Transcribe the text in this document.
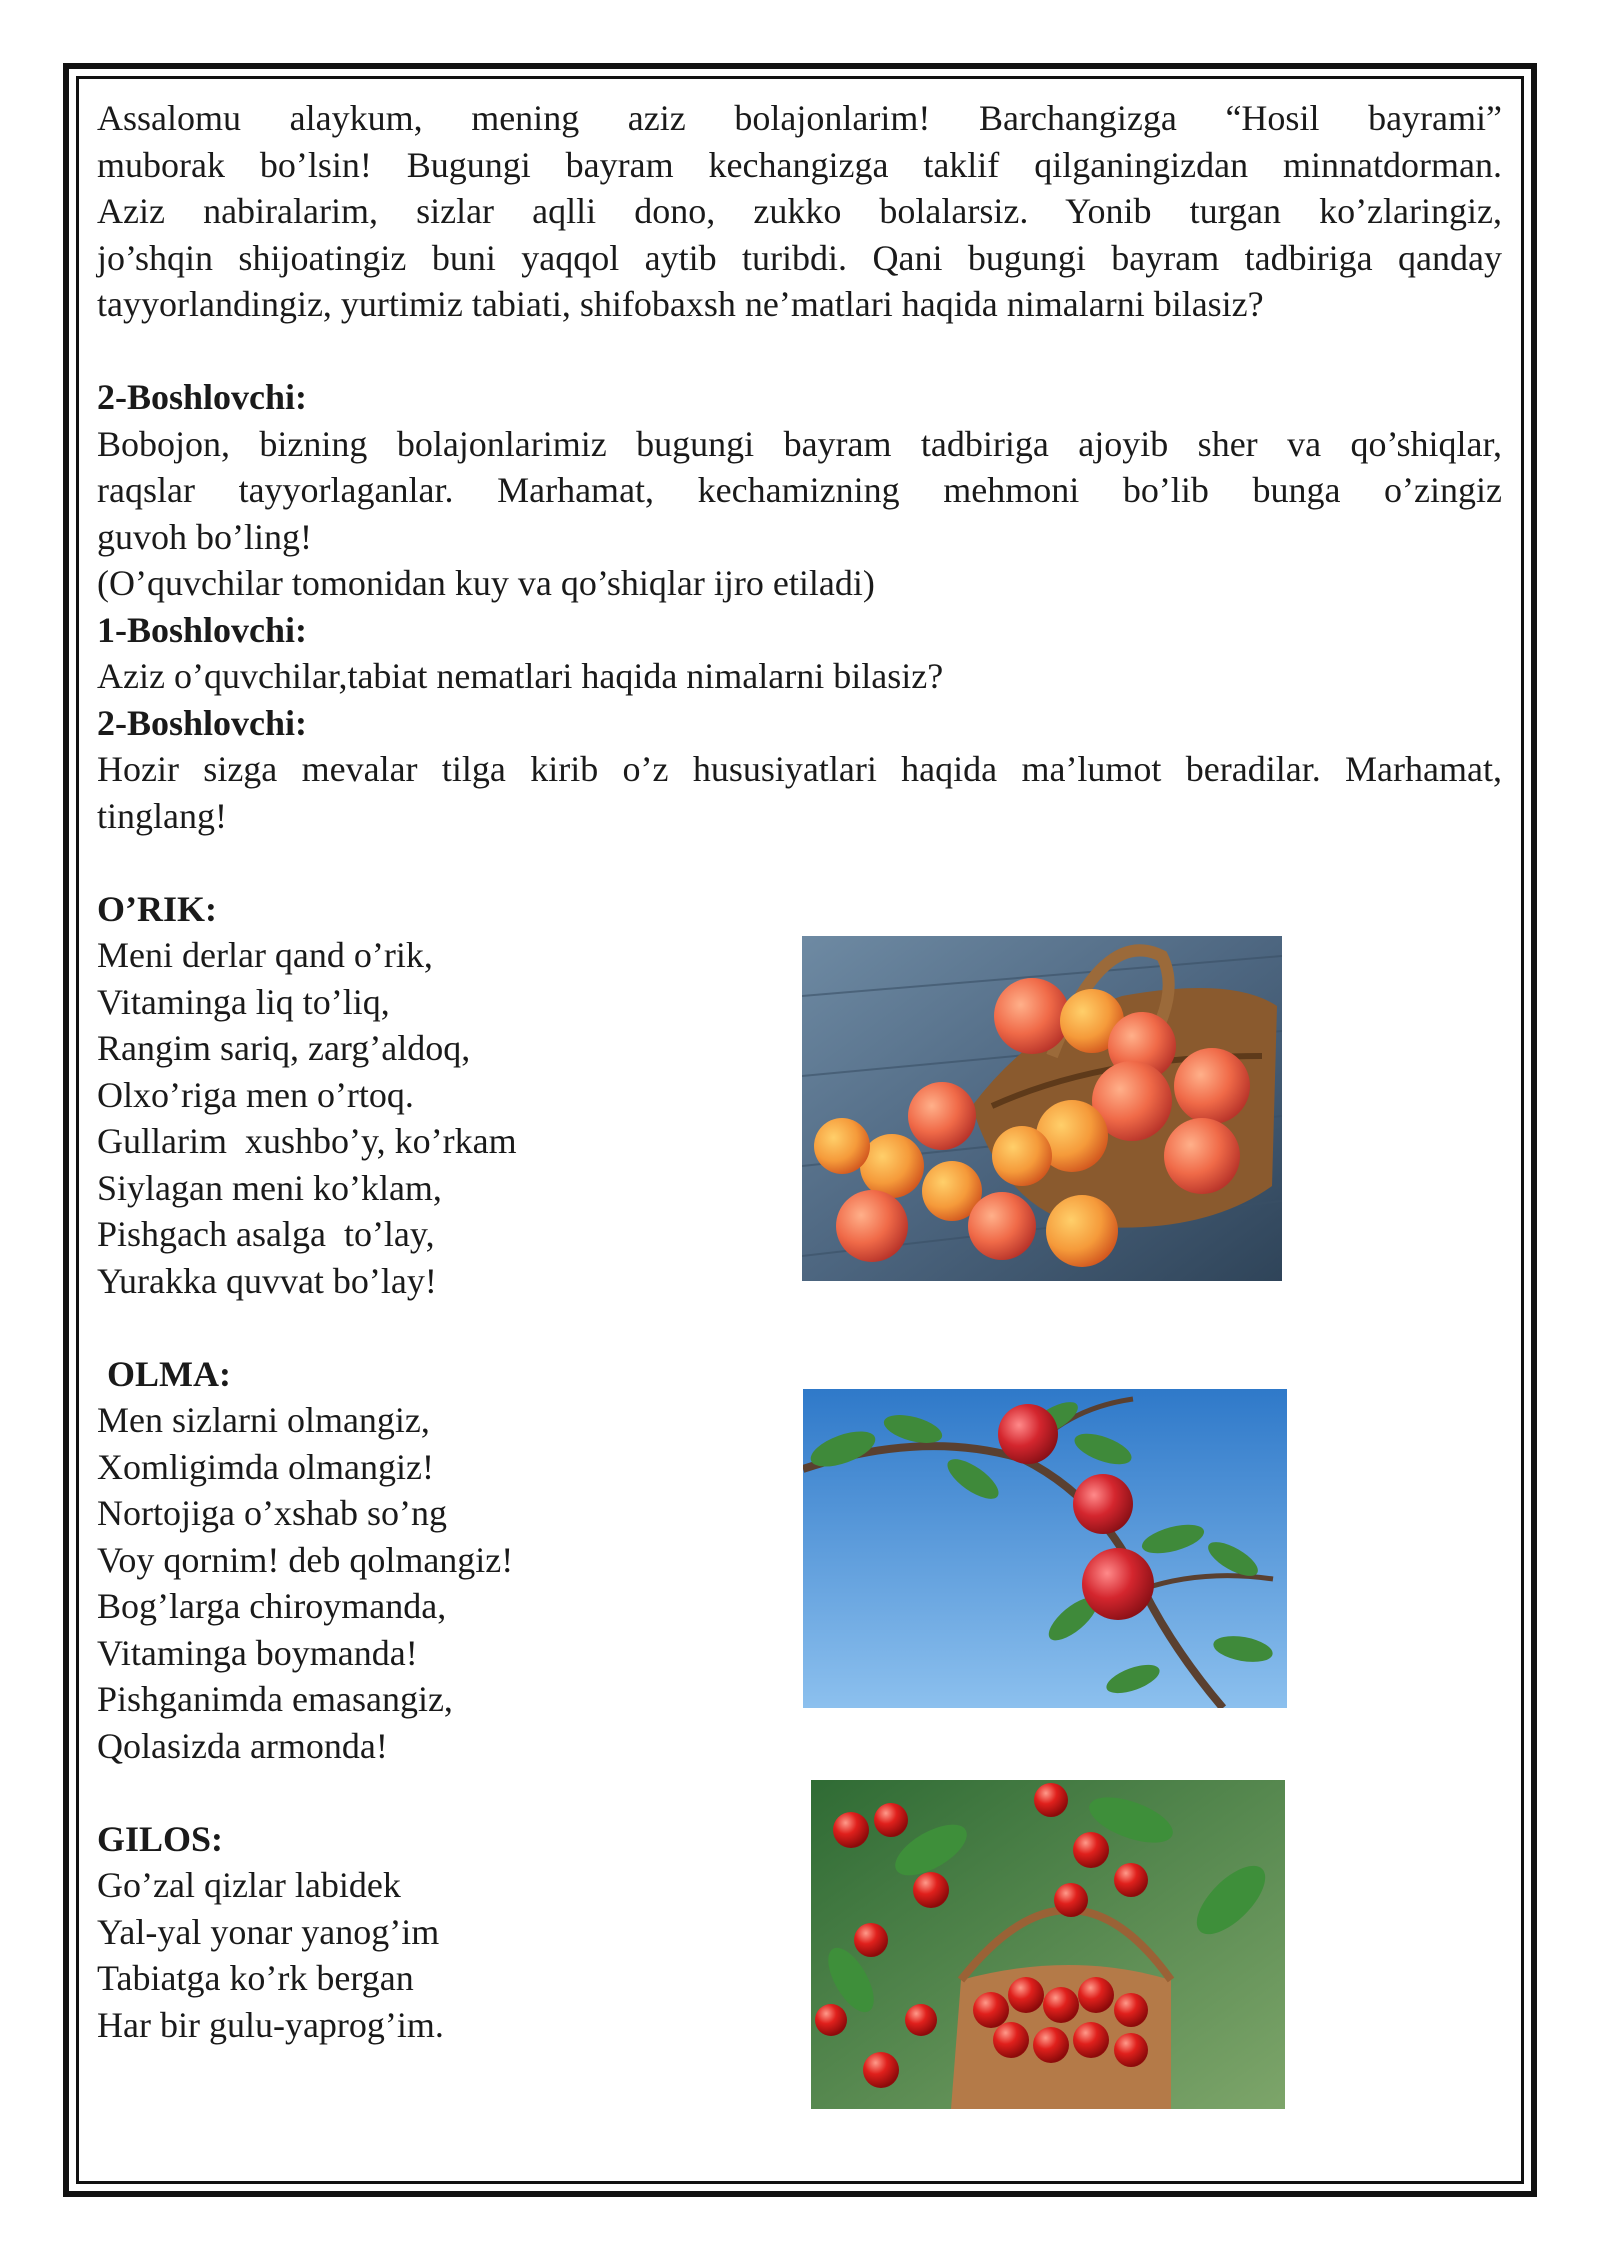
Assalomu alaykum, mening aziz bolajonlarim! Barchangizga “Hosil bayrami”

muborak bo’lsin! Bugungi bayram kechangizga taklif qilganingizdan minnatdorman.

Aziz nabiralarim, sizlar aqlli dono, zukko bolalarsiz. Yonib turgan ko’zlaringiz,

jo’shqin shijoatingiz buni yaqqol aytib turibdi. Qani bugungi bayram tadbiriga qanday

tayyorlandingiz, yurtimiz tabiati, shifobaxsh ne’matlari haqida nimalarni bilasiz?

2-Boshlovchi:

Bobojon, bizning bolajonlarimiz bugungi bayram tadbiriga ajoyib sher va qo’shiqlar,

raqslar tayyorlaganlar. Marhamat, kechamizning mehmoni bo’lib bunga o’zingiz

guvoh bo’ling!

(O’quvchilar tomonidan kuy va qo’shiqlar ijro etiladi)

1-Boshlovchi:

Aziz o’quvchilar,tabiat nematlari haqida nimalarni bilasiz?

2-Boshlovchi:

Hozir sizga mevalar tilga kirib o’z hususiyatlari haqida ma’lumot beradilar. Marhamat,

tinglang!

O’RIK:

Meni derlar qand o’rik,

Vitaminga liq to’liq,

Rangim sariq, zarg’aldoq,

Olxo’riga men o’rtoq.

Gullarim  xushbo’y, ko’rkam

Siylagan meni ko’klam,

Pishgach asalga  to’lay,

Yurakka quvvat bo’lay!

OLMA:

Men sizlarni olmangiz,

Xomligimda olmangiz!

Nortojiga o’xshab so’ng

Voy qornim! deb qolmangiz!

Bog’larga chiroymanda,

Vitaminga boymanda!

Pishganimda emasangiz,

Qolasizda armonda!

GILOS:

Go’zal qizlar labidek

Yal-yal yonar yanog’im

Tabiatga ko’rk bergan

Har bir gulu-yaprog’im.
